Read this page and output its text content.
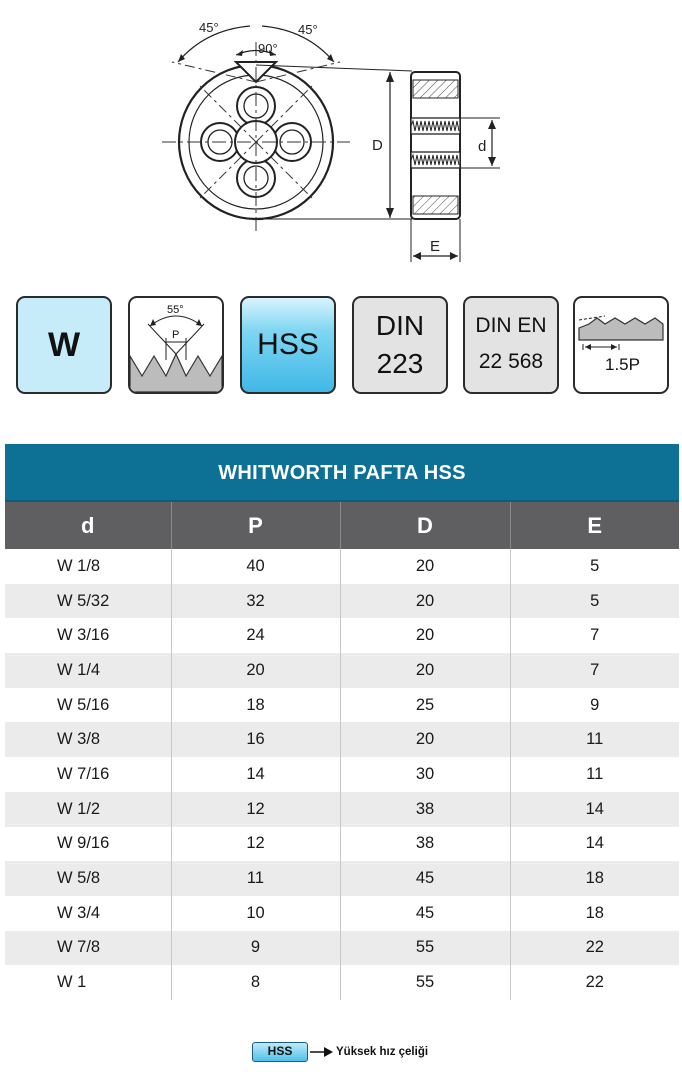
45°	45°
90°
D	d
E
W
55°
P	HSS
DIN
223
DIN EN
22 568	1.5P
WHITWORTH PAFTA HSS
d	P	D	E
W 1/8	40	20	5
W 5/32	32	20	5
W 3/16	24	20	7
W 1/4	20	20	7
W 5/16	18	25	9
W 3/8	16	20	11
W 7/16	14	30	11
W 1/2	12	38	14
W 9/16	12	38	14
W 5/8	11	45	18
W 3/4	10	45	18
W 7/8	9	55	22
W 1	8	55	22
HSS	Yüksek hız çeliği
